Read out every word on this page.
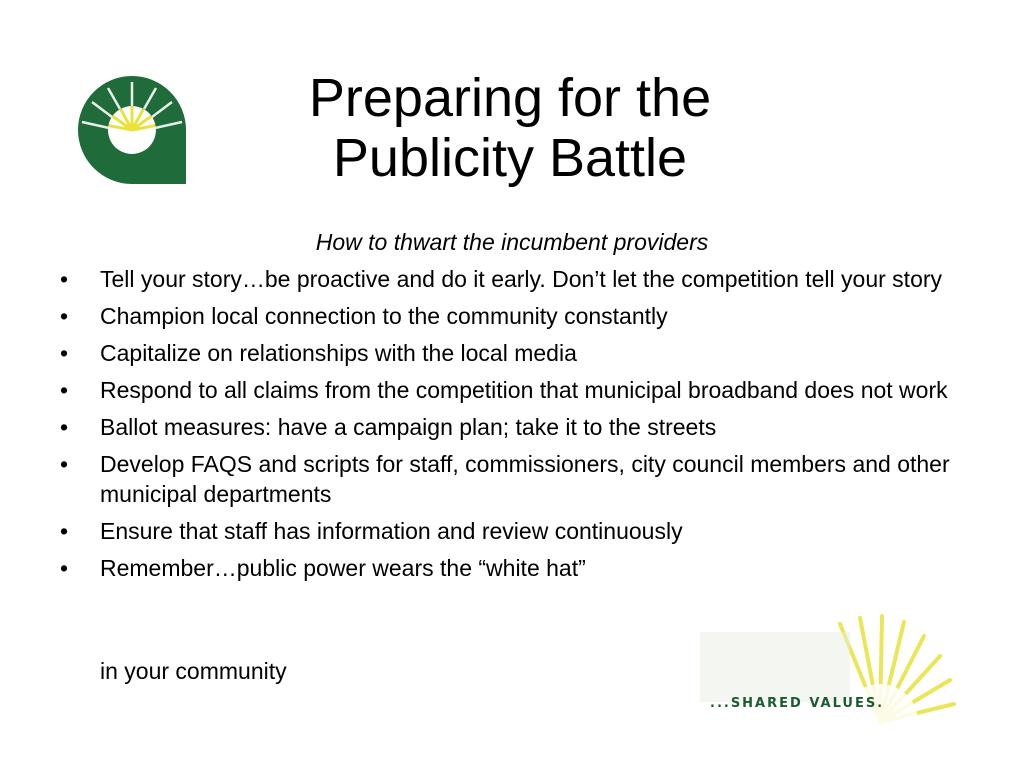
Preparing for the
Publicity Battle
How to thwart the incumbent providers
• Tell your story…be proactive and do it early. Don’t let the competition tell your story
• Champion local connection to the community constantly
• Capitalize on relationships with the local media
• Respond to all claims from the competition that municipal broadband does not work
• Ballot measures: have a campaign plan; take it to the streets
• Develop FAQS and scripts for staff, commissioners, city council members and other municipal departments
• Ensure that staff has information and review continuously
• Remember…public power wears the “white hat”
in your community
...SHARED VALUES.
